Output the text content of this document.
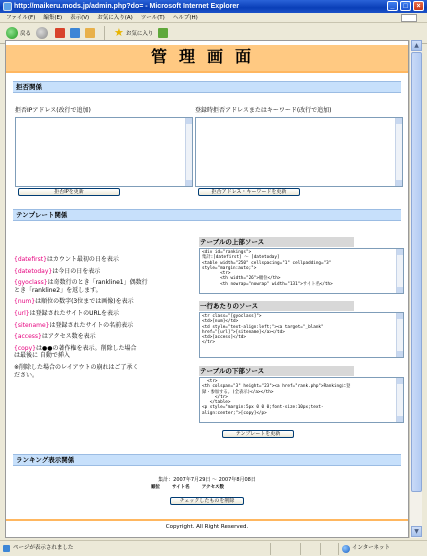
http://maikeru.mods.jp/admin.php?do= - Microsoft Internet Explorer	_	□	×
ファイル(F) 編集(E) 表示(V) お気に入り(A) ツール(T) ヘルプ(H)
戻る	★ お気に入り
管理画面
拒否関係
拒否IPアドレス(改行で追加)	登録時拒否アドレスまたはキーワード(改行で追加)
拒否IPを更新	拒否アドレス・キーワードを更新
テンプレート関係
{datefirst}はカウント最初の日を表示
{datetoday}は今日の日を表示
{gyoclass}は奇数行のとき「rankline1」偶数行
とき「rankline2」を返します。
{num}は順位の数字(3位までは画像)を表示
{url}は登録されたサイトのURLを表示
{sitename}は登録されたサイトの名前表示
{access}はアクセス数を表示
{copy}は●●の著作権を表示。削除した場合
は最後に 自動で挿入
※削除した場合のレイアウトの崩れはご了承く
ださい。
テーブルの上部ソース
<div id="rankings">
集計:[datefirst] ～ [datetoday]
<table width="250" cellspacing="1" cellpadding="3"
style="margin:auto;">
<tr>
<th width="26">順位</th>
<th nowrap="nowrap" width="131">サイト名</th>
一行あたりのソース
<tr class="[gyoclass]">
<td>[num]</td>
<td style="text-align:left;"><a target="_blank"
href="[url]">[sitename]</a></td>
<td>[access]</td>
</tr>
テーブルの下部ソース
<tr>
<th colspan="3" height="23"><a href="rank.php">Rankingに登
録・参加する。(全表示)</a></th>
</tr>
</table>
<p style="margin:5px 0 0 0;font-size:10px;text-
align:center;">[copy]</p>
テンプレートを更新
ランキング表示関係
集計：2007年7月29日 ～ 2007年8月08日
順位	サイト名	アクセス数
チェックしたものを削除
Copyright. All Right Reserved.
▲
▼
ページが表示されました	インターネット
